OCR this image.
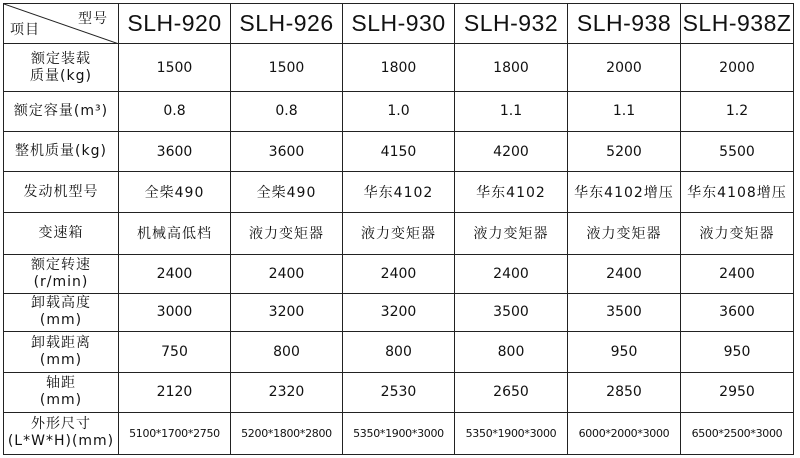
型号
项目	SLH-920	SLH-926	SLH-930	SLH-932	SLH-938	SLH-938Z

额定装载
质量(kg)	1500	1500	1800	1800	2000	2000

额定容量(m³)	0.8	0.8	1.0	1.1	1.1	1.2

整机质量(kg)	3600	3600	4150	4200	5200	5500

发动机型号	全柴490	全柴490	华东4102	华东4102	华东4102增压	华东4108增压

变速箱	机械高低档	液力变矩器	液力变矩器	液力变矩器	液力变矩器	液力变矩器

额定转速
(r/min)	2400	2400	2400	2400	2400	2400

卸载高度
(mm)	3000	3200	3200	3500	3500	3600

卸载距离
(mm)	750	800	800	800	950	950

轴距
(mm)	2120	2320	2530	2650	2850	2950

外形尺寸
(L*W*H)(mm)	5100*1700*2750	5200*1800*2800	5350*1900*3000	5350*1900*3000	6000*2000*3000	6500*2500*3000
